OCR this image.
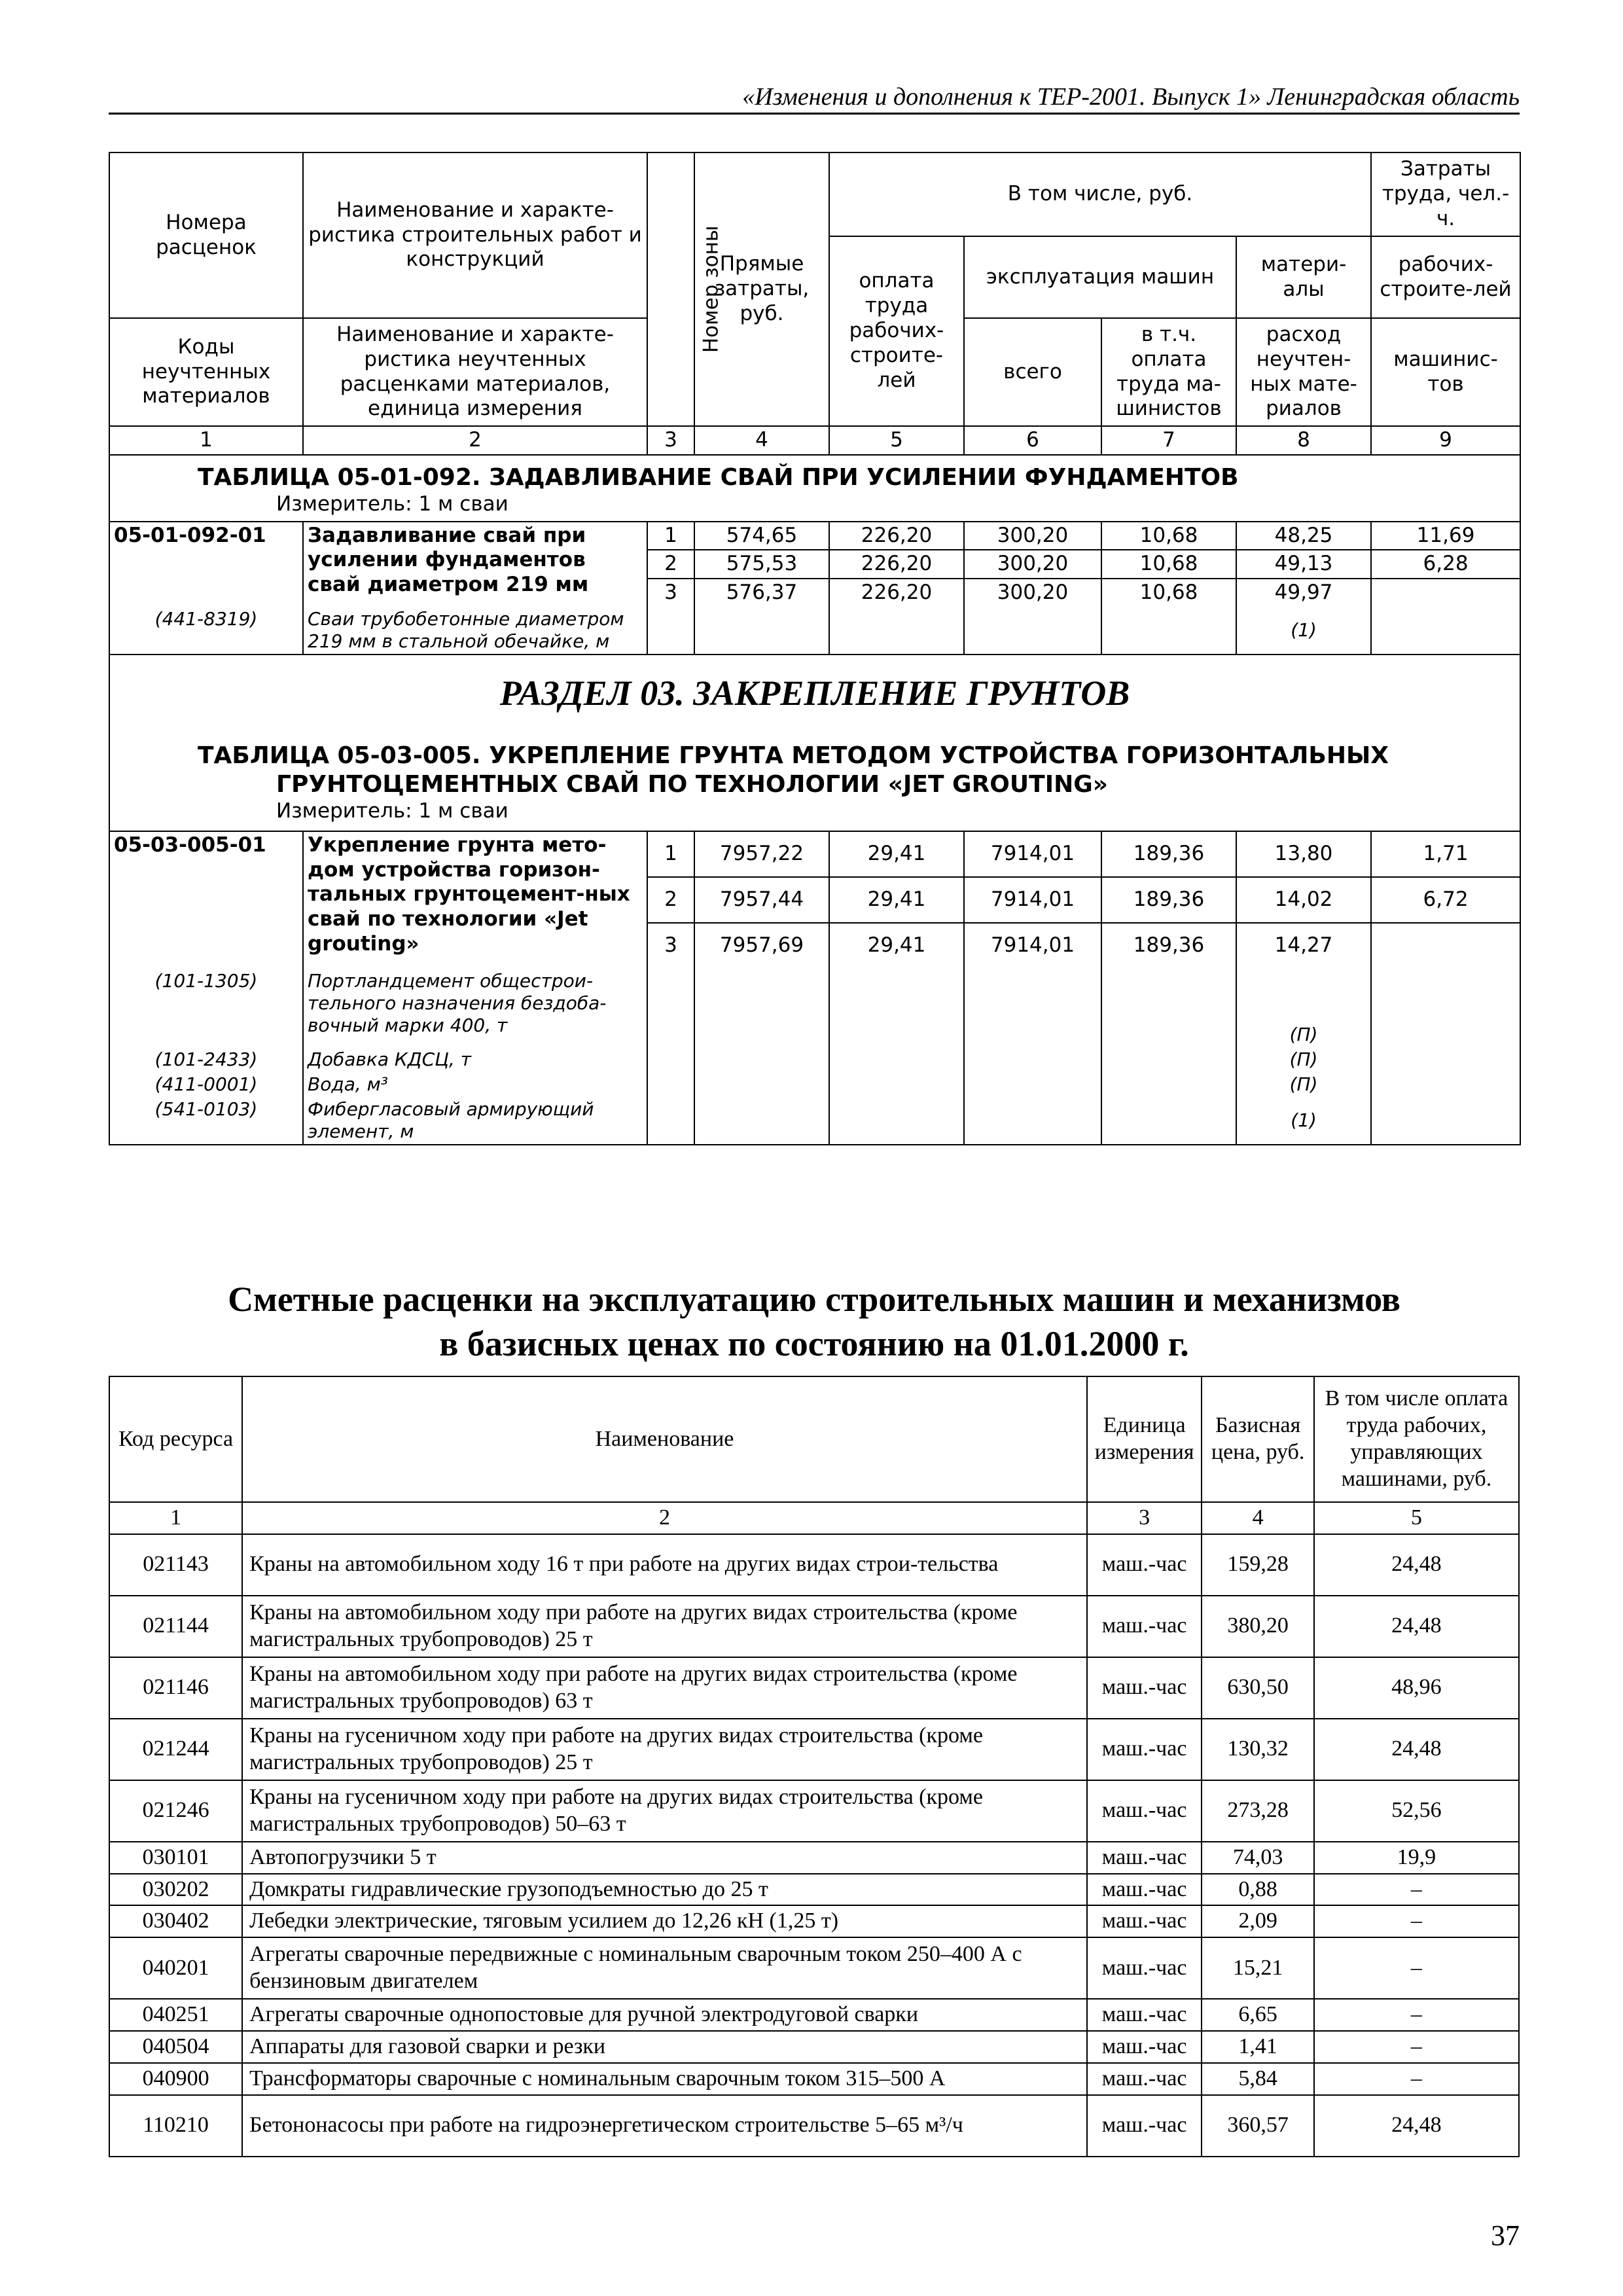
«Изменения и дополнения к ТЕР-2001. Выпуск 1» Ленинградская область
Номера расценок	Наименование и характе-ристика строительных работ и конструкций	Номер зоны	Прямые затраты, руб.	В том числе, руб.				Затраты труда, чел.-ч.
				оплата труда рабочих-строите-лей	эксплуатация машин		матери-алы	рабочих-строите-лей
Коды неучтенных материалов	Наименование и характе-ристика неучтенных расценками материалов, единица измерения				всего	в т.ч. оплата труда ма-шинистов	расход неучтен-ных мате-риалов	машинис-тов
1	2	3	4	5	6	7	8	9

ТАБЛИЦА 05-01-092. ЗАДАВЛИВАНИЕ СВАЙ ПРИ УСИЛЕНИИ ФУНДАМЕНТОВ
Измеритель: 1 м сваи								

05-01-092-01	Задавливание свай при усилении фундаментов свай диаметром 219 мм	1	574,65	226,20	300,20	10,68	48,25	11,69
		2	575,53	226,20	300,20	10,68	49,13	6,28
		3	576,37	226,20	300,20	10,68	49,97	
(441-8319)	Сваи трубобетонные диаметром 219 мм в стальной обечайке, м						(1)	

РАЗДЕЛ 03. ЗАКРЕПЛЕНИЕ ГРУНТОВ
ТАБЛИЦА 05-03-005. УКРЕПЛЕНИЕ ГРУНТА МЕТОДОМ УСТРОЙСТВА ГОРИЗОНТАЛЬНЫХ
ГРУНТОЦЕМЕНТНЫХ СВАЙ ПО ТЕХНОЛОГИИ «JET GROUTING»
Измеритель: 1 м сваи								

05-03-005-01	Укрепление грунта мето-дом устройства горизон-тальных грунтоцемент-ных свай по технологии «Jet grouting»	1	7957,22	29,41	7914,01	189,36	13,80	1,71
		2	7957,44	29,41	7914,01	189,36	14,02	6,72
		3	7957,69	29,41	7914,01	189,36	14,27	
(101-1305)	Портландцемент общестрои-тельного назначения бездоба-вочный марки 400, т						(П)	
(101-2433)	Добавка КДСЦ, т						(П)	
(411-0001)	Вода, м³						(П)	
(541-0103)	Фибергласовый армирующий элемент, м						(1)	
Сметные расценки на эксплуатацию строительных машин и механизмов
в базисных ценах по состоянию на 01.01.2000 г.
Код ресурса	Наименование	Единица измерения	Базисная цена, руб.	В том числе оплата труда рабочих, управляющих машинами, руб.
1	2	3	4	5
021143	Краны на автомобильном ходу 16 т при работе на других видах строи-тельства	маш.-час	159,28	24,48
021144	Краны на автомобильном ходу при работе на других видах строительства (кроме магистральных трубопроводов) 25 т	маш.-час	380,20	24,48
021146	Краны на автомобильном ходу при работе на других видах строительства (кроме магистральных трубопроводов) 63 т	маш.-час	630,50	48,96
021244	Краны на гусеничном ходу при работе на других видах строительства (кроме магистральных трубопроводов) 25 т	маш.-час	130,32	24,48
021246	Краны на гусеничном ходу при работе на других видах строительства (кроме магистральных трубопроводов) 50–63 т	маш.-час	273,28	52,56
030101	Автопогрузчики 5 т	маш.-час	74,03	19,9
030202	Домкраты гидравлические грузоподъемностью до 25 т	маш.-час	0,88	–
030402	Лебедки электрические, тяговым усилием до 12,26 кН (1,25 т)	маш.-час	2,09	–
040201	Агрегаты сварочные передвижные с номинальным сварочным током 250–400 А с бензиновым двигателем	маш.-час	15,21	–
040251	Агрегаты сварочные однопостовые для ручной электродуговой сварки	маш.-час	6,65	–
040504	Аппараты для газовой сварки и резки	маш.-час	1,41	–
040900	Трансформаторы сварочные с номинальным сварочным током 315–500 А	маш.-час	5,84	–
110210	Бетононасосы при работе на гидроэнергетическом строительстве 5–65 м³/ч	маш.-час	360,57	24,48
37
